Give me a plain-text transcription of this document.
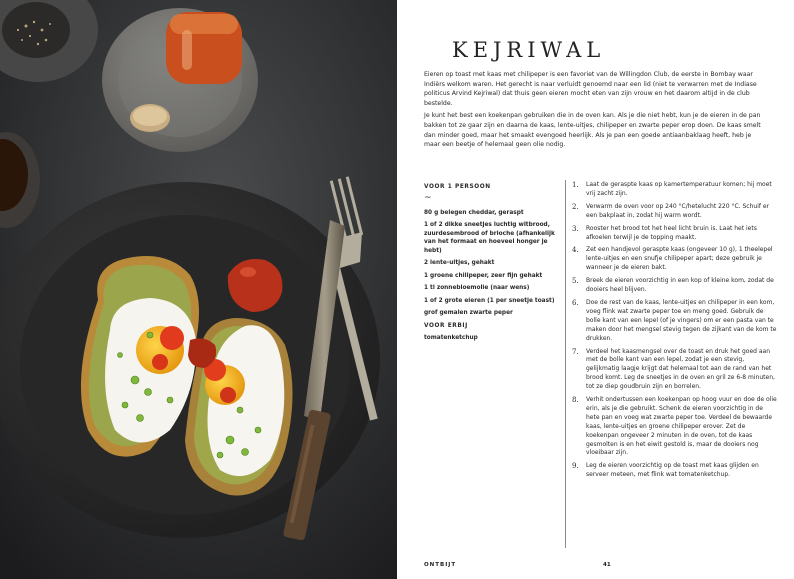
KEJRIWAL

Eieren op toast met kaas met chilipeper is een favoriet van de Willingdon Club, de eerste in Bombay waar Indiërs welkom waren. Het gerecht is naar verluidt genoemd naar een lid (niet te verwarren met de Indiase politicus Arvind Kejriwal) dat thuis geen eieren mocht eten van zijn vrouw en het daarom altijd in de club bestelde.

Je kunt het best een koekenpan gebruiken die in de oven kan. Als je die niet hebt, kun je de eieren in de pan bakken tot ze gaar zijn en daarna de kaas, lente-uitjes, chilipeper en zwarte peper erop doen. De kaas smelt dan minder goed, maar het smaakt evengoed heerlijk. Als je pan een goede antiaanbaklaag heeft, heb je maar een beetje of helemaal geen olie nodig.

VOOR 1 PERSOON

~
80 g belegen cheddar, geraspt
1 of 2 dikke sneetjes luchtig witbrood, zuurdesembrood of brioche (afhankelijk van het formaat en hoeveel honger je hebt)
2 lente-uitjes, gehakt
1 groene chilipeper, zeer fijn gehakt
1 tl zonnebloemolie (naar wens)
1 of 2 grote eieren (1 per sneetje toast)
grof gemalen zwarte peper

VOOR ERBIJ

tomatenketchup
1. Laat de geraspte kaas op kamertemperatuur komen; hij moet vrij zacht zijn.
2. Verwarm de oven voor op 240 °C/hetelucht 220 °C. Schuif er een bakplaat in, zodat hij warm wordt.
3. Rooster het brood tot het heel licht bruin is. Laat het iets afkoelen terwijl je de topping maakt.
4. Zet een handjevol geraspte kaas (ongeveer 10 g), 1 theelepel lente-uitjes en een snufje chilipeper apart; deze gebruik je wanneer je de eieren bakt.
5. Breek de eieren voorzichtig in een kop of kleine kom, zodat de dooiers heel blijven.
6. Doe de rest van de kaas, lente-uitjes en chilipeper in een kom, voeg flink wat zwarte peper toe en meng goed. Gebruik de bolle kant van een lepel (of je vingers) om er een pasta van te maken door het mengsel stevig tegen de zijkant van de kom te drukken.
7. Verdeel het kaasmengsel over de toast en druk het goed aan met de bolle kant van een lepel, zodat je een stevig, gelijkmatig laagje krijgt dat helemaal tot aan de rand van het brood komt. Leg de sneetjes in de oven en gril ze 6-8 minuten, tot ze diep goudbruin zijn en borrelen.
8. Verhit ondertussen een koekenpan op hoog vuur en doe de olie erin, als je die gebruikt. Schenk de eieren voorzichtig in de hete pan en voeg wat zwarte peper toe. Verdeel de bewaarde kaas, lente-uitjes en groene chilipeper erover. Zet de koekenpan ongeveer 2 minuten in de oven, tot de kaas gesmolten is en het eiwit gestold is, maar de dooiers nog vloeibaar zijn.
9. Leg de eieren voorzichtig op de toast met kaas glijden en serveer meteen, met flink wat tomatenketchup.
ONTBIJT	41
